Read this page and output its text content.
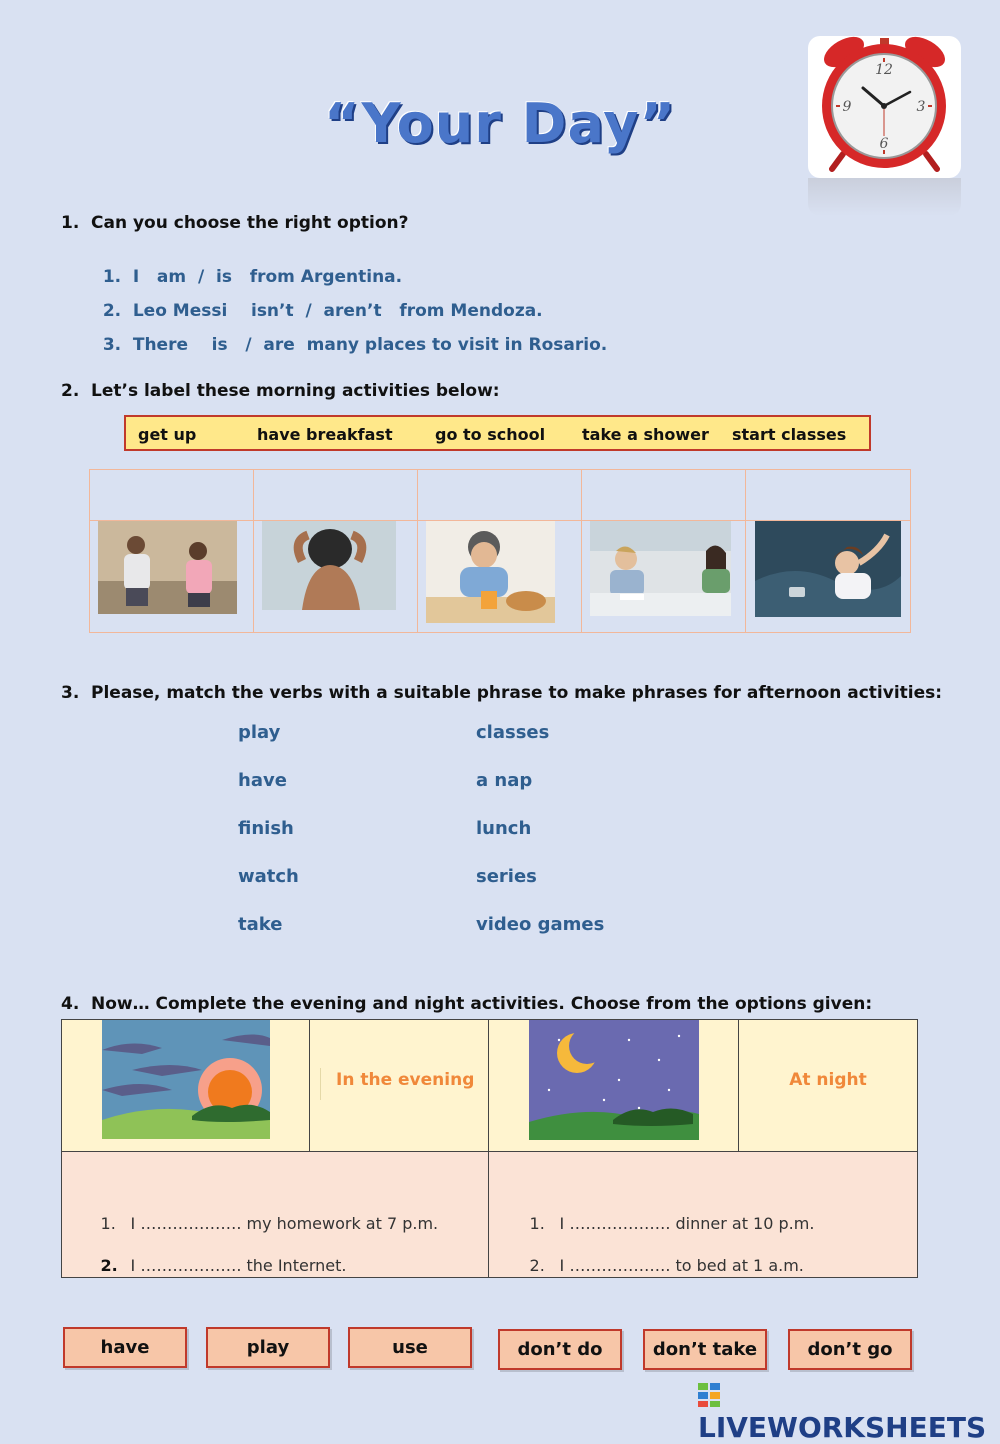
“Your Day”
12
3
6
9
1. Can you choose the right option?

1. I   am  /  is   from Argentina.

2. Leo Messi    isn’t  /  aren’t   from Mendoza.

3. There    is   /  are  many places to visit in Rosario.

2. Let’s label these morning activities below:
get up	have breakfast	go to school take a shower start classes
3. Please, match the verbs with a suitable phrase to make phrases for afternoon activities:
play
have
finish
watch
take
classes
a nap
lunch
series
video games
4. Now… Complete the evening and night activities. Choose from the options given:
In the evening	At night

1. I ………………. my homework at 7 p.m.

2. I ………………. the Internet.

1. I ………………. dinner at 10 p.m.

2. I ………………. to bed at 1 a.m.

have	play	use	don’t do	don’t take	don’t go
LIVEWORKSHEETS
